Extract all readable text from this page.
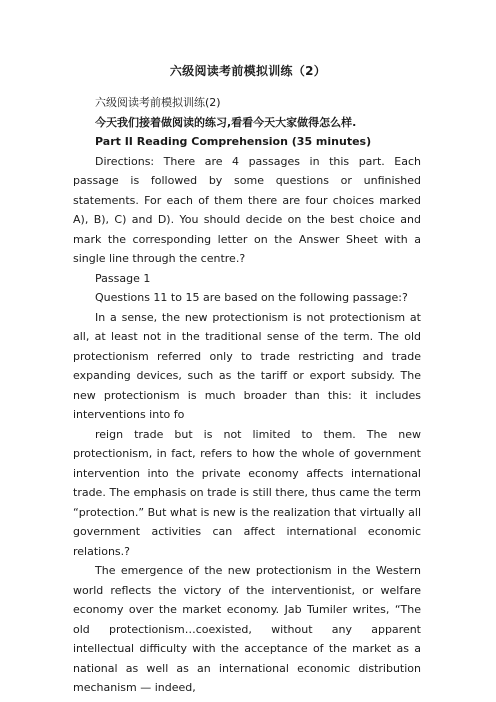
六级阅读考前模拟训练（2）

六级阅读考前模拟训练(2)

今天我们接着做阅读的练习,看看今天大家做得怎么样.

Part II Reading Comprehension (35 minutes)

Directions: There are 4 passages in this part. Each passage is followed by some questions or unfinished statements. For each of them there are four choices marked A), B), C) and D). You should decide on the best choice and mark the corresponding letter on the Answer Sheet with a single line through the centre.?

Passage 1

Questions 11 to 15 are based on the following passage:?

In a sense, the new protectionism is not protectionism at all, at least not in the traditional sense of the term. The old protectionism referred only to trade restricting and trade expanding devices, such as the tariff or export subsidy. The new protectionism is much broader than this: it includes interventions into fo

reign trade but is not limited to them. The new protectionism, in fact, refers to how the whole of government intervention into the private economy affects international trade. The emphasis on trade is still there, thus came the term “protection.” But what is new is the realization that virtually all government activities can affect international economic relations.?

The emergence of the new protectionism in the Western world reflects the victory of the interventionist, or welfare economy over the market economy. Jab Tumiler writes, “The old protectionism…coexisted, without any apparent intellectual difficulty with the acceptance of the market as a national as well as an international economic distribution mechanism — indeed,
